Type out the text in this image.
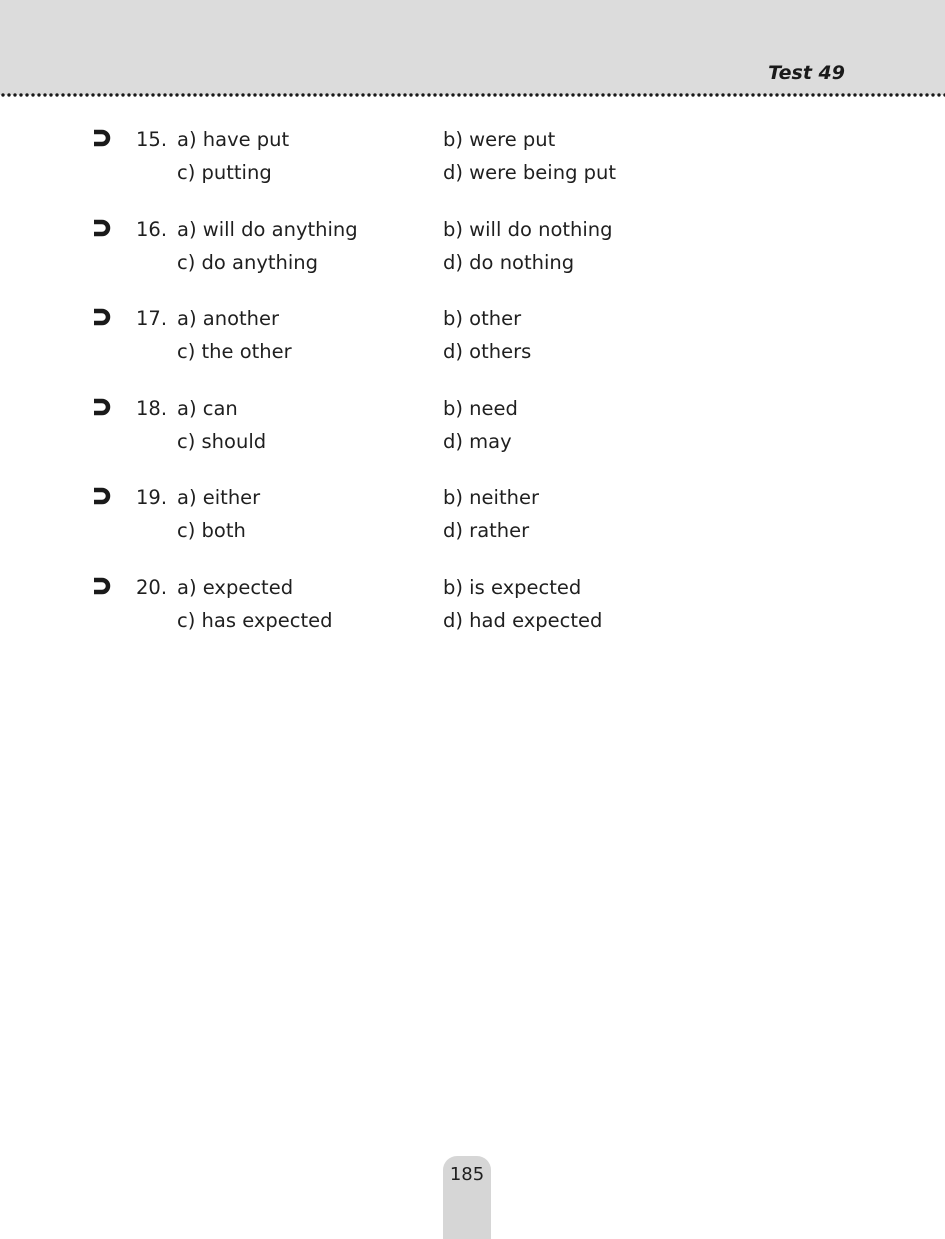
Test 49
15. a) have put	b) were put
c) putting	d) were being put
16. a) will do anything	b) will do nothing
c) do anything	d) do nothing
17. a) another	b) other
c) the other	d) others
18. a) can	b) need
c) should	d) may
19. a) either	b) neither
c) both	d) rather
20. a) expected	b) is expected
c) has expected	d) had expected
185
